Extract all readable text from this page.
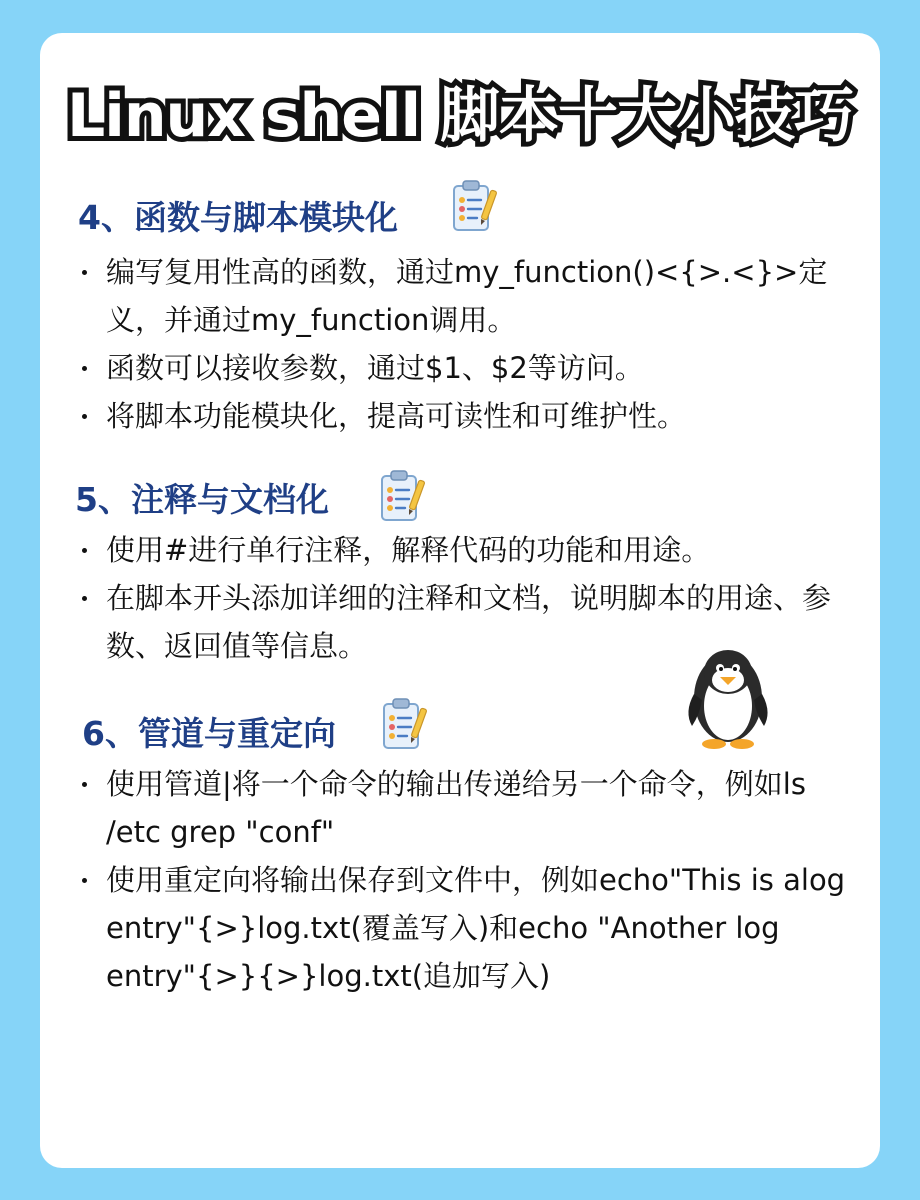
Linux shell 脚本十大小技巧
4、函数与脚本模块化
编写复用性高的函数，通过my_function()<{>.<}>定义，并通过my_function调用。
函数可以接收参数，通过$1、$2等访问。
将脚本功能模块化，提高可读性和可维护性。
5、注释与文档化
使用#进行单行注释，解释代码的功能和用途。
在脚本开头添加详细的注释和文档，说明脚本的用途、参数、返回值等信息。
6、管道与重定向
使用管道|将一个命令的输出传递给另一个命令，例如ls /etc grep "conf"
使用重定向将输出保存到文件中，例如echo"This is alog entry"{>}log.txt(覆盖写入)和echo "Another log entry"{>}{>}log.txt(追加写入)
